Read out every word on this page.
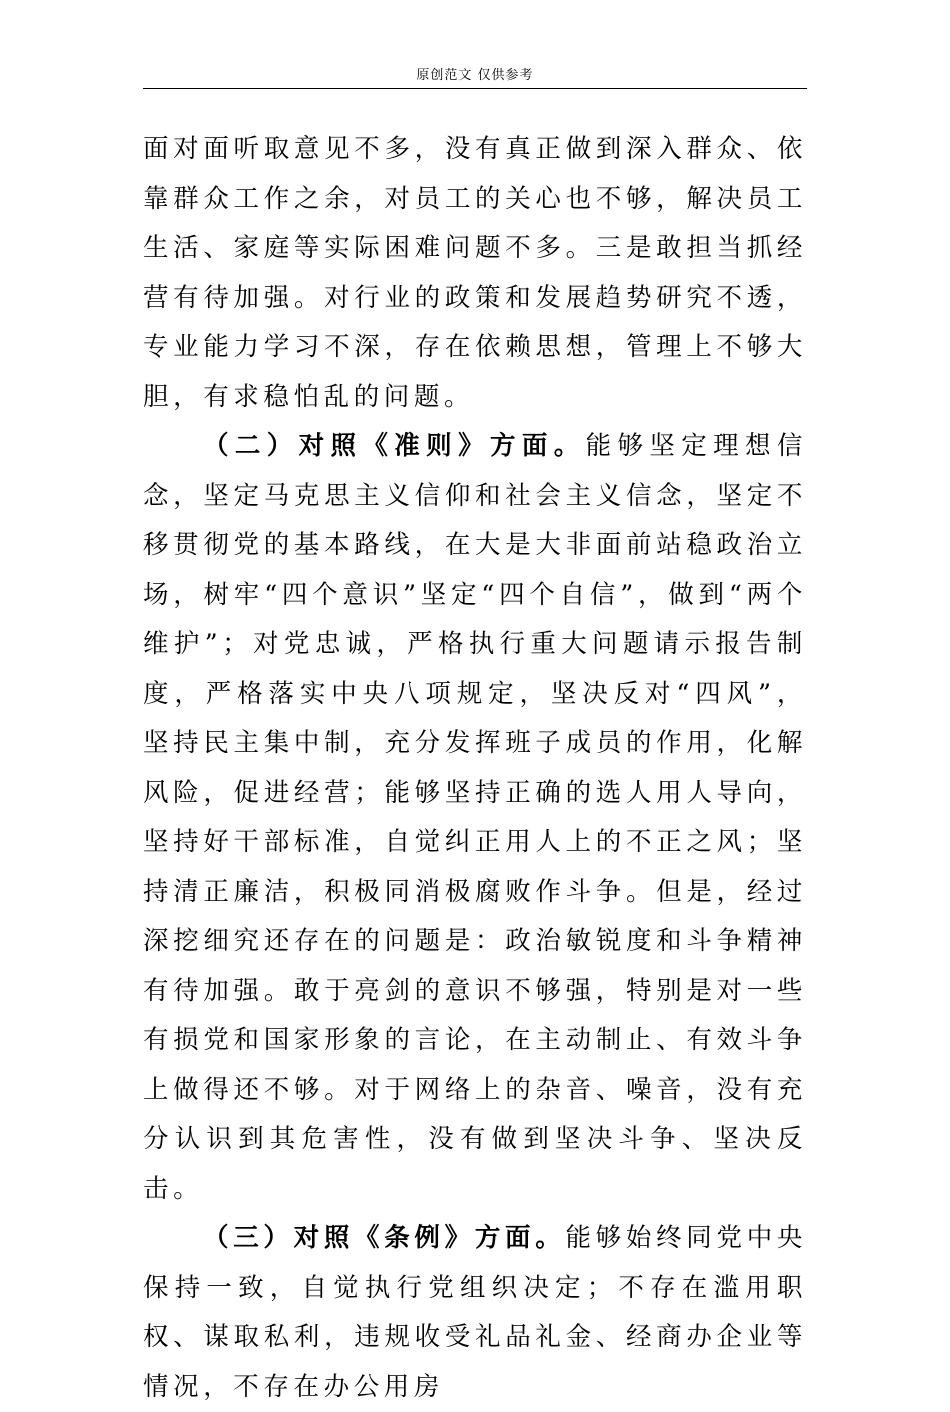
原创范文 仅供参考

面对面听取意见不多，没有真正做到深入群众、依靠群众工作之余，对员工的关心也不够，解决员工生活、家庭等实际困难问题不多。三是敢担当抓经营有待加强。对行业的政策和发展趋势研究不透，专业能力学习不深，存在依赖思想，管理上不够大胆，有求稳怕乱的问题。

（二）对照《准则》方面。能够坚定理想信念，坚定马克思主义信仰和社会主义信念，坚定不移贯彻党的基本路线，在大是大非面前站稳政治立场，树牢“四个意识”坚定“四个自信”，做到“两个维护”；对党忠诚，严格执行重大问题请示报告制度，严格落实中央八项规定，坚决反对“四风”，坚持民主集中制，充分发挥班子成员的作用，化解风险，促进经营；能够坚持正确的选人用人导向，坚持好干部标准，自觉纠正用人上的不正之风；坚持清正廉洁，积极同消极腐败作斗争。但是，经过深挖细究还存在的问题是：政治敏锐度和斗争精神有待加强。敢于亮剑的意识不够强，特别是对一些有损党和国家形象的言论，在主动制止、有效斗争上做得还不够。对于网络上的杂音、噪音，没有充分认识到其危害性，没有做到坚决斗争、坚决反击。

（三）对照《条例》方面。能够始终同党中央保持一致，自觉执行党组织决定；不存在滥用职权、谋取私利，违规收受礼品礼金、经商办企业等情况，不存在办公用房
